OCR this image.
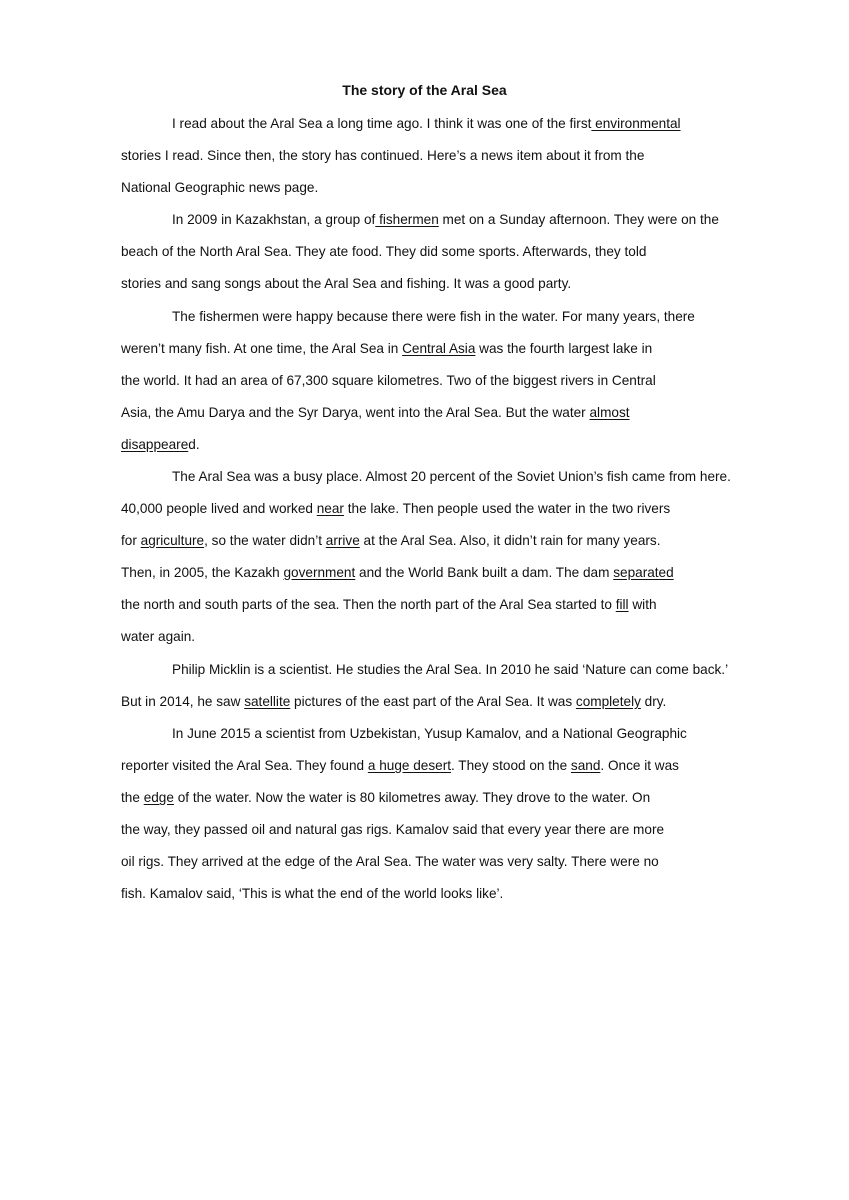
The story of the Aral Sea

I read about the Aral Sea a long time ago. I think it was one of the first environmental

stories I read. Since then, the story has continued. Here’s a news item about it from the

National Geographic news page.

In 2009 in Kazakhstan, a group of fishermen met on a Sunday afternoon. They were on the

beach of the North Aral Sea. They ate food. They did some sports. Afterwards, they told

stories and sang songs about the Aral Sea and fishing. It was a good party.

The fishermen were happy because there were fish in the water. For many years, there

weren’t many fish. At one time, the Aral Sea in Central Asia was the fourth largest lake in

the world. It had an area of 67,300 square kilometres. Two of the biggest rivers in Central

Asia, the Amu Darya and the Syr Darya, went into the Aral Sea. But the water almost

disappeared.

The Aral Sea was a busy place. Almost 20 percent of the Soviet Union’s fish came from here.

40,000 people lived and worked near the lake. Then people used the water in the two rivers

for agriculture, so the water didn’t arrive at the Aral Sea. Also, it didn’t rain for many years.

Then, in 2005, the Kazakh government and the World Bank built a dam. The dam separated

the north and south parts of the sea. Then the north part of the Aral Sea started to fill with

water again.

Philip Micklin is a scientist. He studies the Aral Sea. In 2010 he said ‘Nature can come back.’

But in 2014, he saw satellite pictures of the east part of the Aral Sea. It was completely dry.

In June 2015 a scientist from Uzbekistan, Yusup Kamalov, and a National Geographic

reporter visited the Aral Sea. They found a huge desert. They stood on the sand. Once it was

the edge of the water. Now the water is 80 kilometres away. They drove to the water. On

the way, they passed oil and natural gas rigs. Kamalov said that every year there are more

oil rigs. They arrived at the edge of the Aral Sea. The water was very salty. There were no

fish. Kamalov said, ‘This is what the end of the world looks like’.
